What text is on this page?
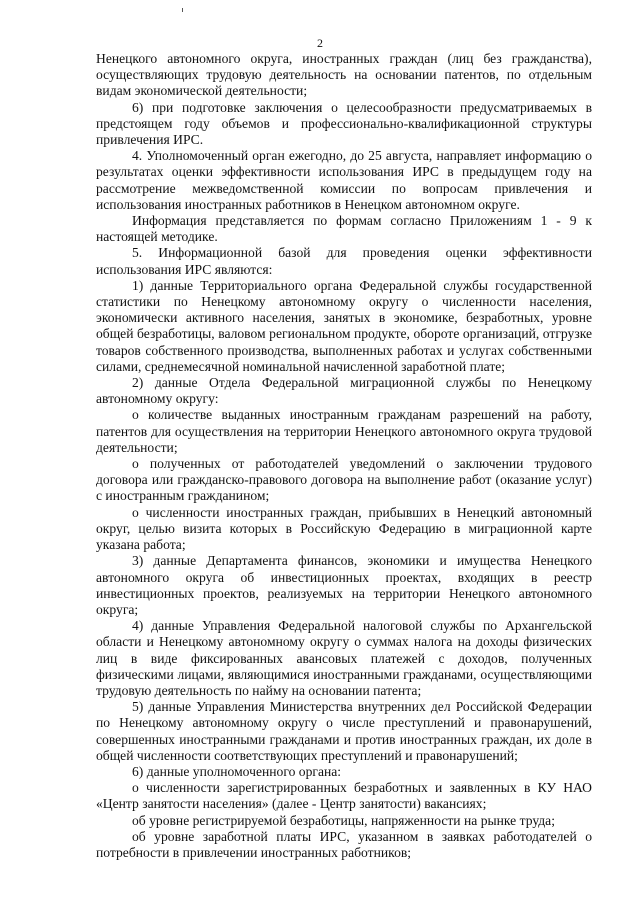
2

Ненецкого автономного округа, иностранных граждан (лиц без гражданства), осуществляющих трудовую деятельность на основании патентов, по отдельным видам экономической деятельности;

6) при подготовке заключения о целесообразности предусматриваемых в предстоящем году объемов и профессионально-квалификационной структуры привлечения ИРС.

4. Уполномоченный орган ежегодно, до 25 августа, направляет информацию о результатах оценки эффективности использования ИРС в предыдущем году на рассмотрение межведомственной комиссии по вопросам привлечения и использования иностранных работников в Ненецком автономном округе.

Информация представляется по формам согласно Приложениям 1 - 9 к настоящей методике.

5. Информационной базой для проведения оценки эффективности использования ИРС являются:

1) данные Территориального органа Федеральной службы государственной статистики по Ненецкому автономному округу о численности населения, экономически активного населения, занятых в экономике, безработных, уровне общей безработицы, валовом региональном продукте, обороте организаций, отгрузке товаров собственного производства, выполненных работах и услугах собственными силами, среднемесячной номинальной начисленной заработной плате;

2) данные Отдела Федеральной миграционной службы по Ненецкому автономному округу:

о количестве выданных иностранным гражданам разрешений на работу, патентов для осуществления на территории Ненецкого автономного округа трудовой деятельности;

о полученных от работодателей уведомлений о заключении трудового договора или гражданско-правового договора на выполнение работ (оказание услуг) с иностранным гражданином;

о численности иностранных граждан, прибывших в Ненецкий автономный округ, целью визита которых в Российскую Федерацию в миграционной карте указана работа;

3) данные Департамента финансов, экономики и имущества Ненецкого автономного округа об инвестиционных проектах, входящих в реестр инвестиционных проектов, реализуемых на территории Ненецкого автономного округа;

4) данные Управления Федеральной налоговой службы по Архангельской области и Ненецкому автономному округу о суммах налога на доходы физических лиц в виде фиксированных авансовых платежей с доходов, полученных физическими лицами, являющимися иностранными гражданами, осуществляющими трудовую деятельность по найму на основании патента;

5) данные Управления Министерства внутренних дел Российской Федерации по Ненецкому автономному округу о числе преступлений и правонарушений, совершенных иностранными гражданами и против иностранных граждан, их доле в общей численности соответствующих преступлений и правонарушений;

6) данные уполномоченного органа:

о численности зарегистрированных безработных и заявленных в КУ НАО «Центр занятости населения» (далее - Центр занятости) вакансиях;

об уровне регистрируемой безработицы, напряженности на рынке труда;

об уровне заработной платы ИРС, указанном в заявках работодателей о потребности в привлечении иностранных работников;
